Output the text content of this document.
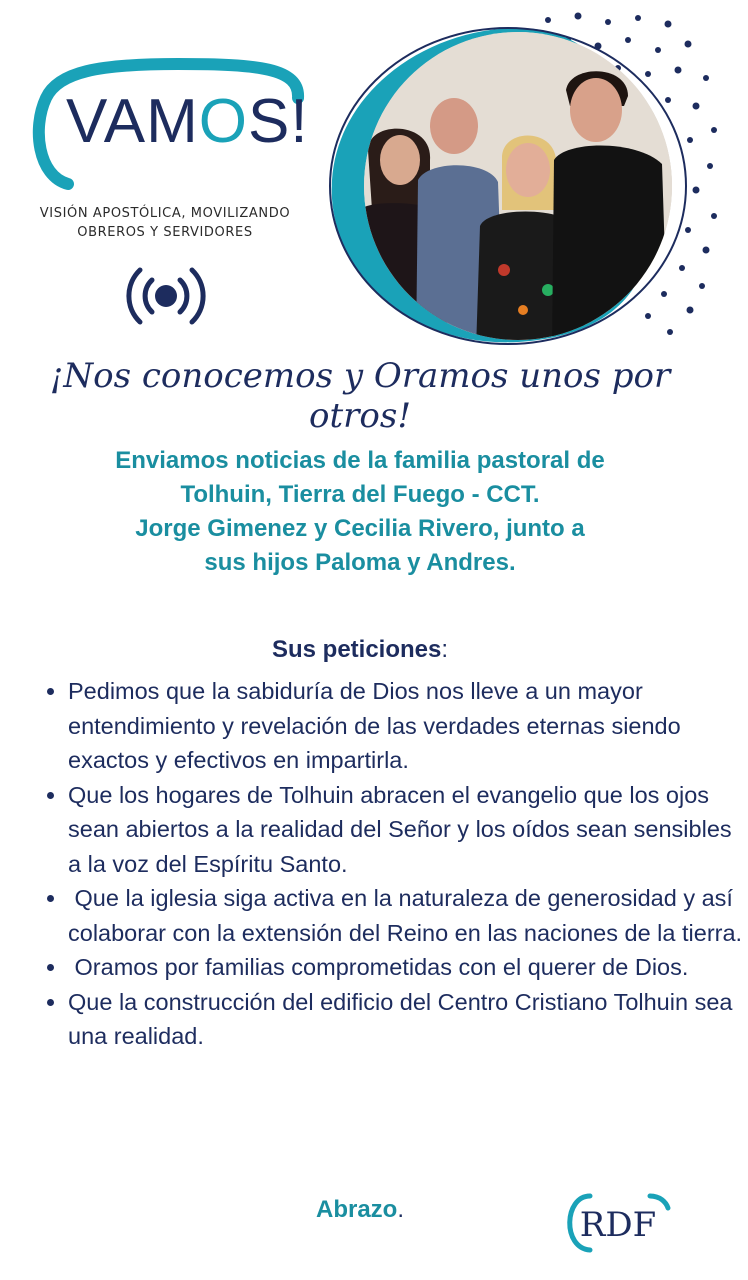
VAMOS!
VISIÓN APOSTÓLICA, MOVILIZANDO
OBREROS Y SERVIDORES
¡Nos conocemos y Oramos unos por otros!
Enviamos noticias de la familia pastoral de
Tolhuin, Tierra del Fuego - CCT.
Jorge Gimenez y Cecilia Rivero, junto a
sus hijos Paloma y Andres.
Sus peticiones:
• Pedimos que la sabiduría de Dios nos lleve a un mayor entendimiento y revelación de las verdades eternas siendo exactos y efectivos en impartirla.
• Que los hogares de Tolhuin abracen el evangelio que los ojos sean abiertos a la realidad del Señor y los oídos sean sensibles a la voz del Espíritu Santo.
•  Que la iglesia siga activa en la naturaleza de generosidad y así colaborar con la extensión del Reino en las naciones de la tierra.
•  Oramos por familias comprometidas con el querer de Dios.
• Que la construcción del edificio del Centro Cristiano Tolhuin sea una realidad.
Abrazo.	RDF
